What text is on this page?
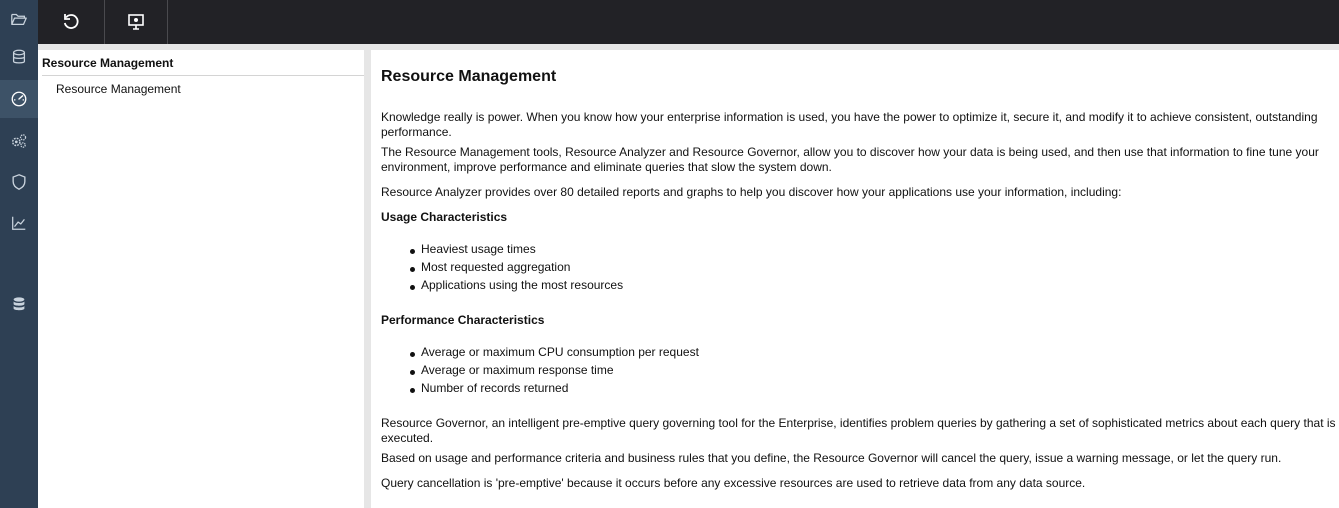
Resource Management
Resource Management
Resource Management

Knowledge really is power. When you know how your enterprise information is used, you have the power to optimize it, secure it, and modify it to achieve consistent, outstanding performance.

The Resource Management tools, Resource Analyzer and Resource Governor, allow you to discover how your data is being used, and then use that information to fine tune your environment, improve performance and eliminate queries that slow the system down.

Resource Analyzer provides over 80 detailed reports and graphs to help you discover how your applications use your information, including:

Usage Characteristics
Heaviest usage times
Most requested aggregation
Applications using the most resources
Performance Characteristics
Average or maximum CPU consumption per request
Average or maximum response time
Number of records returned

Resource Governor, an intelligent pre-emptive query governing tool for the Enterprise, identifies problem queries by gathering a set of sophisticated metrics about each query that is executed.

Based on usage and performance criteria and business rules that you define, the Resource Governor will cancel the query, issue a warning message, or let the query run.

Query cancellation is 'pre-emptive' because it occurs before any excessive resources are used to retrieve data from any data source.
